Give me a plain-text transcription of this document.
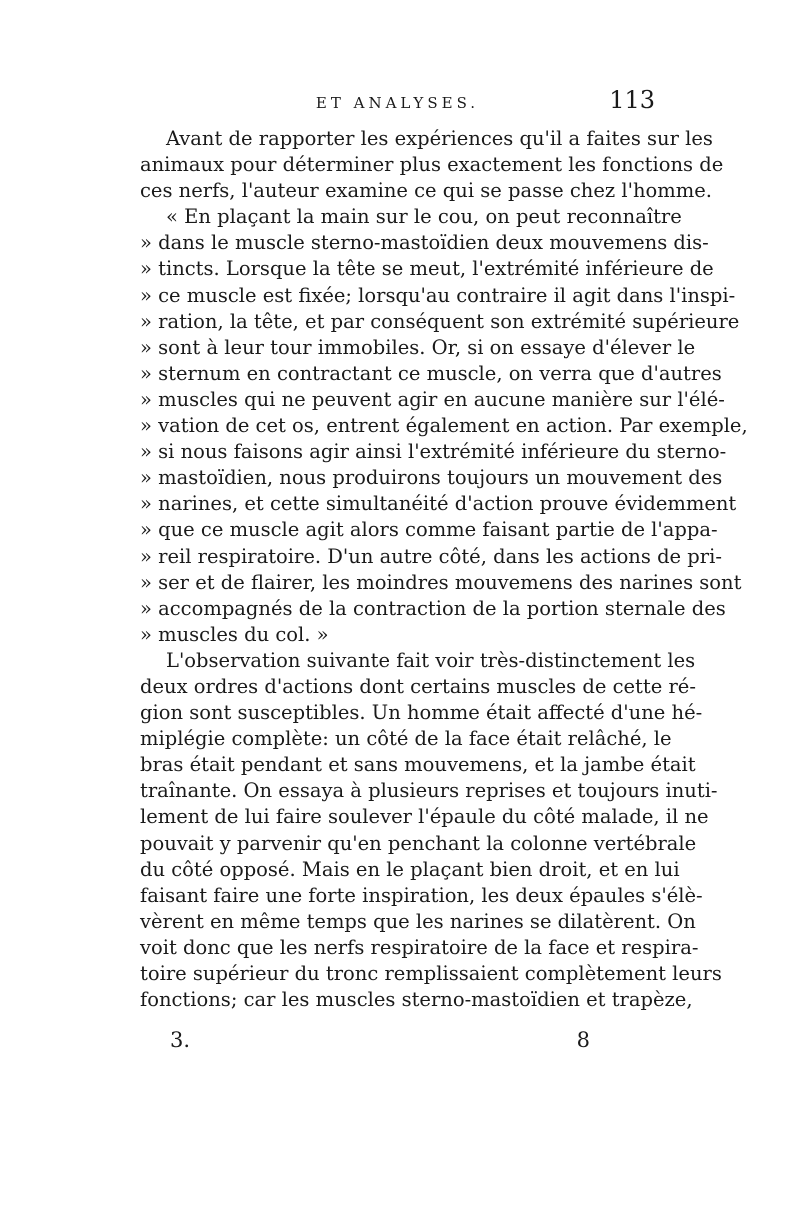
ET ANALYSES.	113
Avant de rapporter les expériences qu'il a faites sur les
animaux pour déterminer plus exactement les fonctions de
ces nerfs, l'auteur examine ce qui se passe chez l'homme.
« En plaçant la main sur le cou, on peut reconnaître
» dans le muscle sterno-mastoïdien deux mouvemens dis-
» tincts. Lorsque la tête se meut, l'extrémité inférieure de
» ce muscle est fixée; lorsqu'au contraire il agit dans l'inspi-
» ration, la tête, et par conséquent son extrémité supérieure
» sont à leur tour immobiles. Or, si on essaye d'élever le
» sternum en contractant ce muscle, on verra que d'autres
» muscles qui ne peuvent agir en aucune manière sur l'élé-
» vation de cet os, entrent également en action. Par exemple,
» si nous faisons agir ainsi l'extrémité inférieure du sterno-
» mastoïdien, nous produirons toujours un mouvement des
» narines, et cette simultanéité d'action prouve évidemment
» que ce muscle agit alors comme faisant partie de l'appa-
» reil respiratoire. D'un autre côté, dans les actions de pri-
» ser et de flairer, les moindres mouvemens des narines sont
» accompagnés de la contraction de la portion sternale des
» muscles du col. »
L'observation suivante fait voir très-distinctement les
deux ordres d'actions dont certains muscles de cette ré-
gion sont susceptibles. Un homme était affecté d'une hé-
miplégie complète: un côté de la face était relâché, le
bras était pendant et sans mouvemens, et la jambe était
traînante. On essaya à plusieurs reprises et toujours inuti-
lement de lui faire soulever l'épaule du côté malade, il ne
pouvait y parvenir qu'en penchant la colonne vertébrale
du côté opposé. Mais en le plaçant bien droit, et en lui
faisant faire une forte inspiration, les deux épaules s'élè-
vèrent en même temps que les narines se dilatèrent. On
voit donc que les nerfs respiratoire de la face et respira-
toire supérieur du tronc remplissaient complètement leurs
fonctions; car les muscles sterno-mastoïdien et trapèze,
3.	8
